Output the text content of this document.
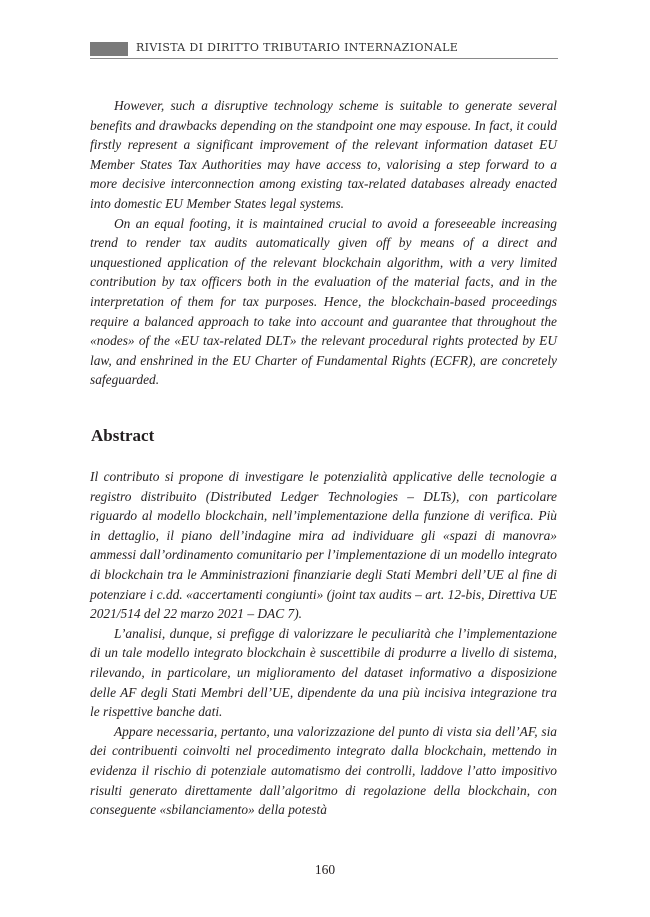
RIVISTA DI DIRITTO TRIBUTARIO INTERNAZIONALE

However, such a disruptive technology scheme is suitable to generate several benefits and drawbacks depending on the standpoint one may espouse. In fact, it could firstly represent a significant improvement of the relevant information dataset EU Member States Tax Authorities may have access to, valorising a step forward to a more decisive interconnection among existing tax-related databases already enacted into domestic EU Member States legal systems.

On an equal footing, it is maintained crucial to avoid a foreseeable increasing trend to render tax audits automatically given off by means of a direct and unquestioned application of the relevant blockchain algorithm, with a very limited contribution by tax officers both in the evaluation of the material facts, and in the interpretation of them for tax purposes. Hence, the blockchain-based proceedings require a balanced approach to take into account and guarantee that throughout the «nodes» of the «EU tax-related DLT» the relevant procedural rights protected by EU law, and enshrined in the EU Charter of Fundamental Rights (ECFR), are concretely safeguarded.

Abstract

Il contributo si propone di investigare le potenzialità applicative delle tecnologie a registro distribuito (Distributed Ledger Technologies – DLTs), con particolare riguardo al modello blockchain, nell’implementazione della funzione di verifica. Più in dettaglio, il piano dell’indagine mira ad individuare gli «spazi di manovra» ammessi dall’ordinamento comunitario per l’implementazione di un modello integrato di blockchain tra le Amministrazioni finanziarie degli Stati Membri dell’UE al fine di potenziare i c.dd. «accertamenti congiunti» (joint tax audits – art. 12-bis, Direttiva UE 2021/514 del 22 marzo 2021 – DAC 7).

L’analisi, dunque, si prefigge di valorizzare le peculiarità che l’implementazione di un tale modello integrato blockchain è suscettibile di produrre a livello di sistema, rilevando, in particolare, un miglioramento del dataset informativo a disposizione delle AF degli Stati Membri dell’UE, dipendente da una più incisiva integrazione tra le rispettive banche dati.

Appare necessaria, pertanto, una valorizzazione del punto di vista sia dell’AF, sia dei contribuenti coinvolti nel procedimento integrato dalla blockchain, mettendo in evidenza il rischio di potenziale automatismo dei controlli, laddove l’atto impositivo risulti generato direttamente dall’algoritmo di regolazione della blockchain, con conseguente «sbilanciamento» della potestà

160
